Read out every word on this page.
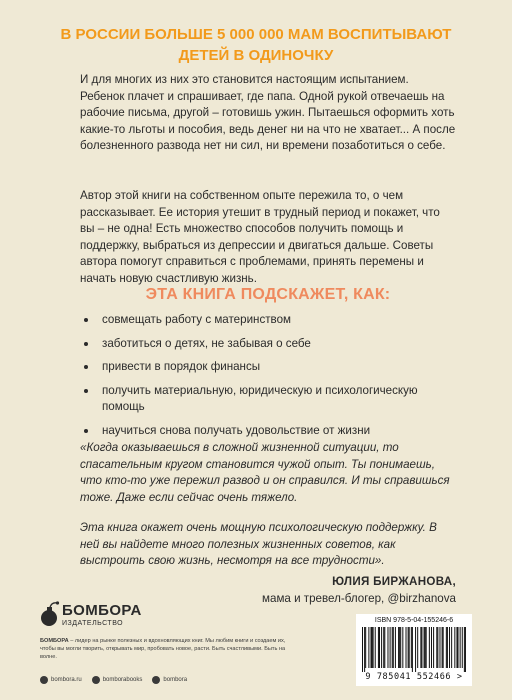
В РОССИИ БОЛЬШЕ 5 000 000 МАМ ВОСПИТЫВАЮТ ДЕТЕЙ В ОДИНОЧКУ

И для многих из них это становится настоящим испытанием. Ребенок плачет и спрашивает, где папа. Одной рукой отвечаешь на рабочие письма, другой – готовишь ужин. Пытаешься оформить хоть какие-то льготы и пособия, ведь денег ни на что не хватает... А после болезненного развода нет ни сил, ни времени позаботиться о себе.

Автор этой книги на собственном опыте пережила то, о чем рассказывает. Ее история утешит в трудный период и покажет, что вы – не одна! Есть множество способов получить помощь и поддержку, выбраться из депрессии и двигаться дальше. Советы автора помогут справиться с проблемами, принять перемены и начать новую счастливую жизнь.

ЭТА КНИГА ПОДСКАЖЕТ, КАК:
совмещать работу с материнством
заботиться о детях, не забывая о себе
привести в порядок финансы
получить материальную, юридическую и психологическую помощь
научиться снова получать удовольствие от жизни

«Когда оказываешься в сложной жизненной ситуации, то спасательным кругом становится чужой опыт. Ты понимаешь, что кто-то уже пережил развод и он справился. И ты справишься тоже. Даже если сейчас очень тяжело.

Эта книга окажет очень мощную психологическую поддержку. В ней вы найдете много полезных жизненных советов, как выстроить свою жизнь, несмотря на все трудности».

ЮЛИЯ БИРЖАНОВА,
мама и тревел-блогер, @birzhanova
БОМБОРА
ИЗДАТЕЛЬСТВО
БОМБОРА – лидер на рынке полезных и вдохновляющих книг. Мы любим книги и создаем их, чтобы вы могли творить, открывать мир, пробовать новое, расти. Быть счастливыми. Быть на волне.
bombora.ru	bomborabooks	bombora
ISBN 978-5-04-155246-6
9 785041 552466 >
